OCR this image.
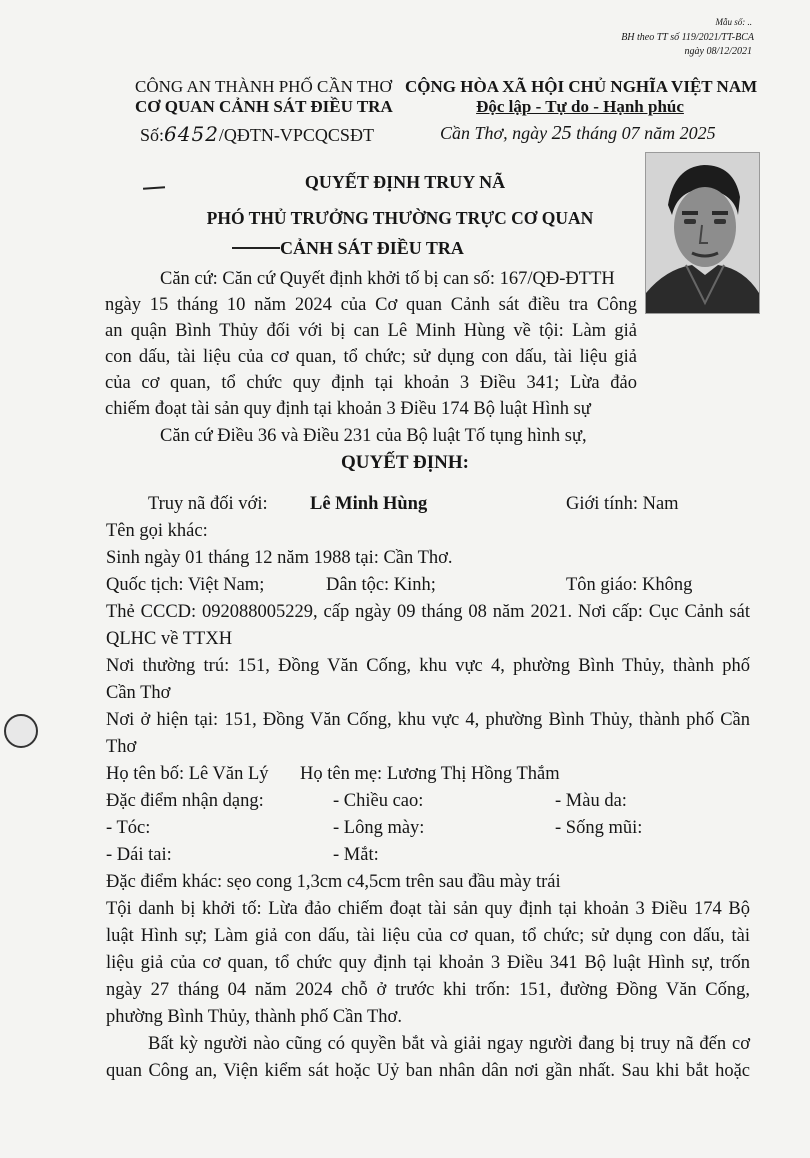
Mẫu số: ..
BH theo TT số 119/2021/TT-BCA
ngày 08/12/2021
CÔNG AN THÀNH PHỐ CẦN THƠ
CƠ QUAN CẢNH SÁT ĐIỀU TRA
Số:6452/QĐTN-VPCQCSĐT
CỘNG HÒA XÃ HỘI CHỦ NGHĨA VIỆT NAM
Độc lập - Tự do - Hạnh phúc
Cần Thơ, ngày 25 tháng 07 năm 2025
QUYẾT ĐỊNH TRUY NÃ
PHÓ THỦ TRƯỞNG THƯỜNG TRỰC CƠ QUAN
CẢNH SÁT ĐIỀU TRA
Căn cứ: Căn cứ Quyết định khởi tố bị can số: 167/QĐ-ĐTTH
ngày 15 tháng 10 năm 2024 của Cơ quan Cảnh sát điều tra Công
an quận Bình Thủy đối với bị can Lê Minh Hùng về tội: Làm giả
con dấu, tài liệu của cơ quan, tổ chức; sử dụng con dấu, tài liệu giả
của cơ quan, tổ chức quy định tại khoản 3 Điều 341; Lừa đảo
chiếm đoạt tài sản quy định tại khoản 3 Điều 174 Bộ luật Hình sự
Căn cứ Điều 36 và Điều 231 của Bộ luật Tố tụng hình sự,
QUYẾT ĐỊNH:
Truy nã đối với: Lê Minh Hùng	Giới tính: Nam
Tên gọi khác:
Sinh ngày 01 tháng 12 năm 1988 tại: Cần Thơ.
Quốc tịch: Việt Nam;	Dân tộc: Kinh;	Tôn giáo: Không
Thẻ CCCD: 092088005229, cấp ngày 09 tháng 08 năm 2021. Nơi cấp: Cục Cảnh sát
QLHC về TTXH
Nơi thường trú: 151, Đồng Văn Cống, khu vực 4, phường Bình Thủy, thành phố
Cần Thơ
Nơi ở hiện tại: 151, Đồng Văn Cống, khu vực 4, phường Bình Thủy, thành phố Cần
Thơ
Họ tên bố: Lê Văn Lý Họ tên mẹ: Lương Thị Hồng Thắm
Đặc điểm nhận dạng:	- Chiều cao:	- Màu da:
- Tóc:	- Lông mày:	- Sống mũi:
- Dái tai:	- Mắt:
Đặc điểm khác: sẹo cong 1,3cm c4,5cm trên sau đầu mày trái
Tội danh bị khởi tố: Lừa đảo chiếm đoạt tài sản quy định tại khoản 3 Điều 174 Bộ
luật Hình sự; Làm giả con dấu, tài liệu của cơ quan, tổ chức; sử dụng con dấu, tài
liệu giả của cơ quan, tổ chức quy định tại khoản 3 Điều 341 Bộ luật Hình sự, trốn
ngày 27 tháng 04 năm 2024 chỗ ở trước khi trốn: 151, đường Đồng Văn Cống,
phường Bình Thủy, thành phố Cần Thơ.
Bất kỳ người nào cũng có quyền bắt và giải ngay người đang bị truy nã đến cơ
quan Công an, Viện kiểm sát hoặc Uỷ ban nhân dân nơi gần nhất. Sau khi bắt hoặc
